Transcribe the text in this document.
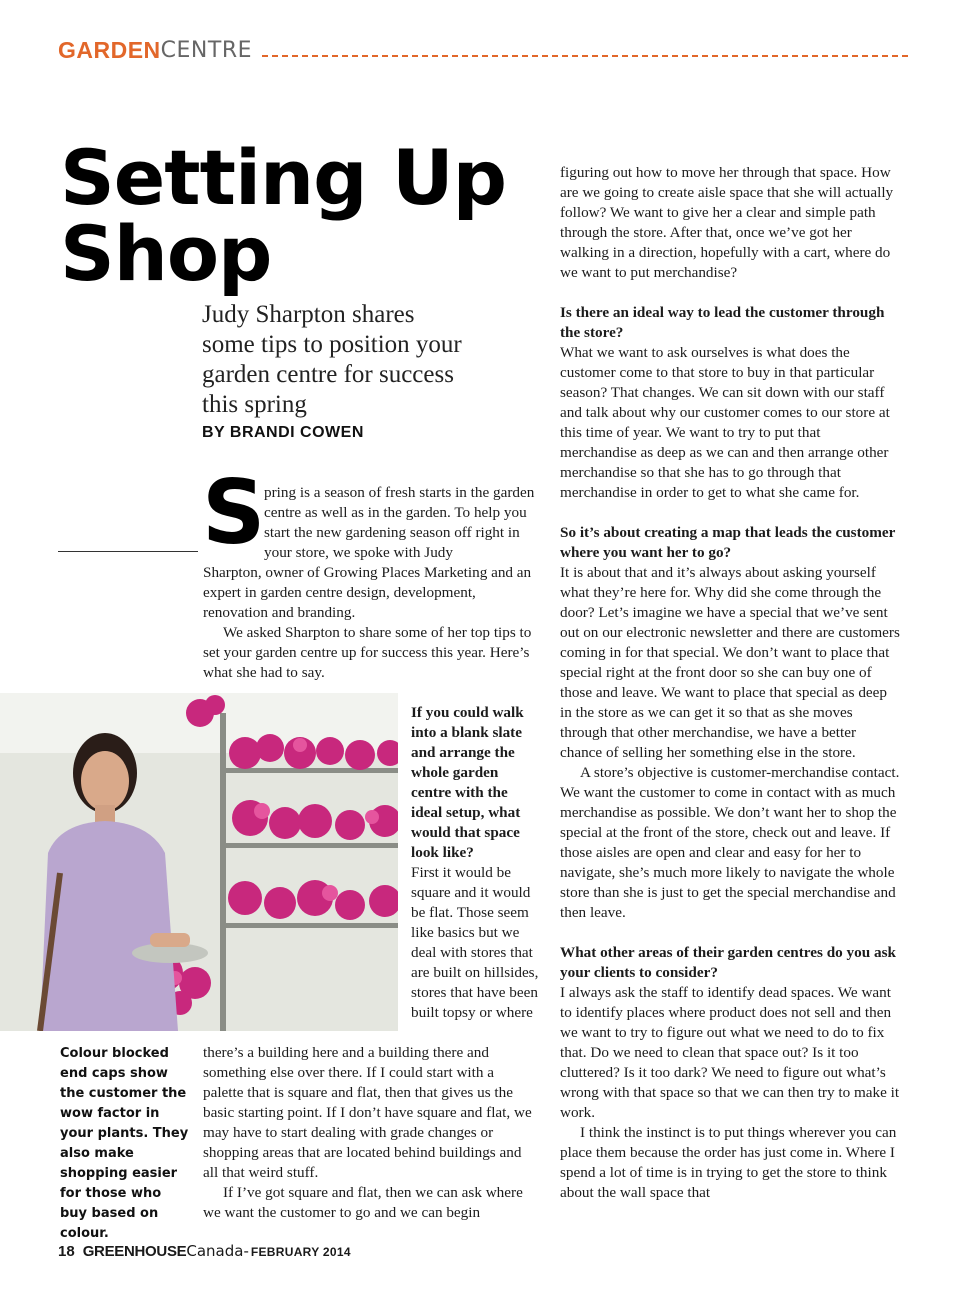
GARDEN CENTRE
Setting Up
Shop
Judy Sharpton shares some tips to position your garden centre for success this spring
BY BRANDI COWEN
S
pring is a season of fresh starts in the garden centre as well as in the garden. To help you start the new gardening season off right in your store, we spoke with Judy

Sharpton, owner of Growing Places Marketing and an expert in garden centre design, development, renovation and branding.

We asked Sharpton to share some of her top tips to set your garden centre up for success this year. Here’s what she had to say.

Colour blocked end caps show the customer the wow factor in your plants. They also make shopping easier for those who buy based on colour.

If you could walk into a blank slate and arrange the whole garden centre with the ideal setup, what would that space look like?

First it would be square and it would be flat. Those seem like basics but we deal with stores that are built on hillsides, stores that have been built topsy or where

there’s a building here and a building there and something else over there. If I could start with a palette that is square and flat, then that gives us the basic starting point. If I don’t have square and flat, we may have to start dealing with grade changes or shopping areas that are located behind buildings and all that weird stuff.

If I’ve got square and flat, then we can ask where we want the customer to go and we can begin

figuring out how to move her through that space. How are we going to create aisle space that she will actually follow? We want to give her a clear and simple path through the store. After that, once we’ve got her walking in a direction, hopefully with a cart, where do we want to put merchandise?

Is there an ideal way to lead the customer through the store?

What we want to ask ourselves is what does the customer come to that store to buy in that particular season? That changes. We can sit down with our staff and talk about why our customer comes to our store at this time of year. We want to try to put that merchandise as deep as we can and then arrange other merchandise so that she has to go through that merchandise in order to get to what she came for.

So it’s about creating a map that leads the customer where you want her to go?

It is about that and it’s always about asking yourself what they’re here for. Why did she come through the door? Let’s imagine we have a special that we’ve sent out on our electronic newsletter and there are customers coming in for that special. We don’t want to place that special right at the front door so she can buy one of those and leave. We want to place that special as deep in the store as we can get it so that as she moves through that other merchandise, we have a better chance of selling her something else in the store.

A store’s objective is customer-merchandise contact. We want the customer to come in contact with as much merchandise as possible. We don’t want her to shop the special at the front of the store, check out and leave. If those aisles are open and clear and easy for her to navigate, she’s much more likely to navigate the whole store than she is just to get the special merchandise and then leave.

What other areas of their garden centres do you ask your clients to consider?

I always ask the staff to identify dead spaces. We want to identify places where product does not sell and then we want to try to figure out what we need to do to fix that. Do we need to clean that space out? Is it too cluttered? Is it too dark? We need to figure out what’s wrong with that space so that we can then try to make it work.

I think the instinct is to put things wherever you can place them because the order has just come in. Where I spend a lot of time is in trying to get the store to think about the wall space that

18 GREENHOUSE Canada - FEBRUARY 2014
